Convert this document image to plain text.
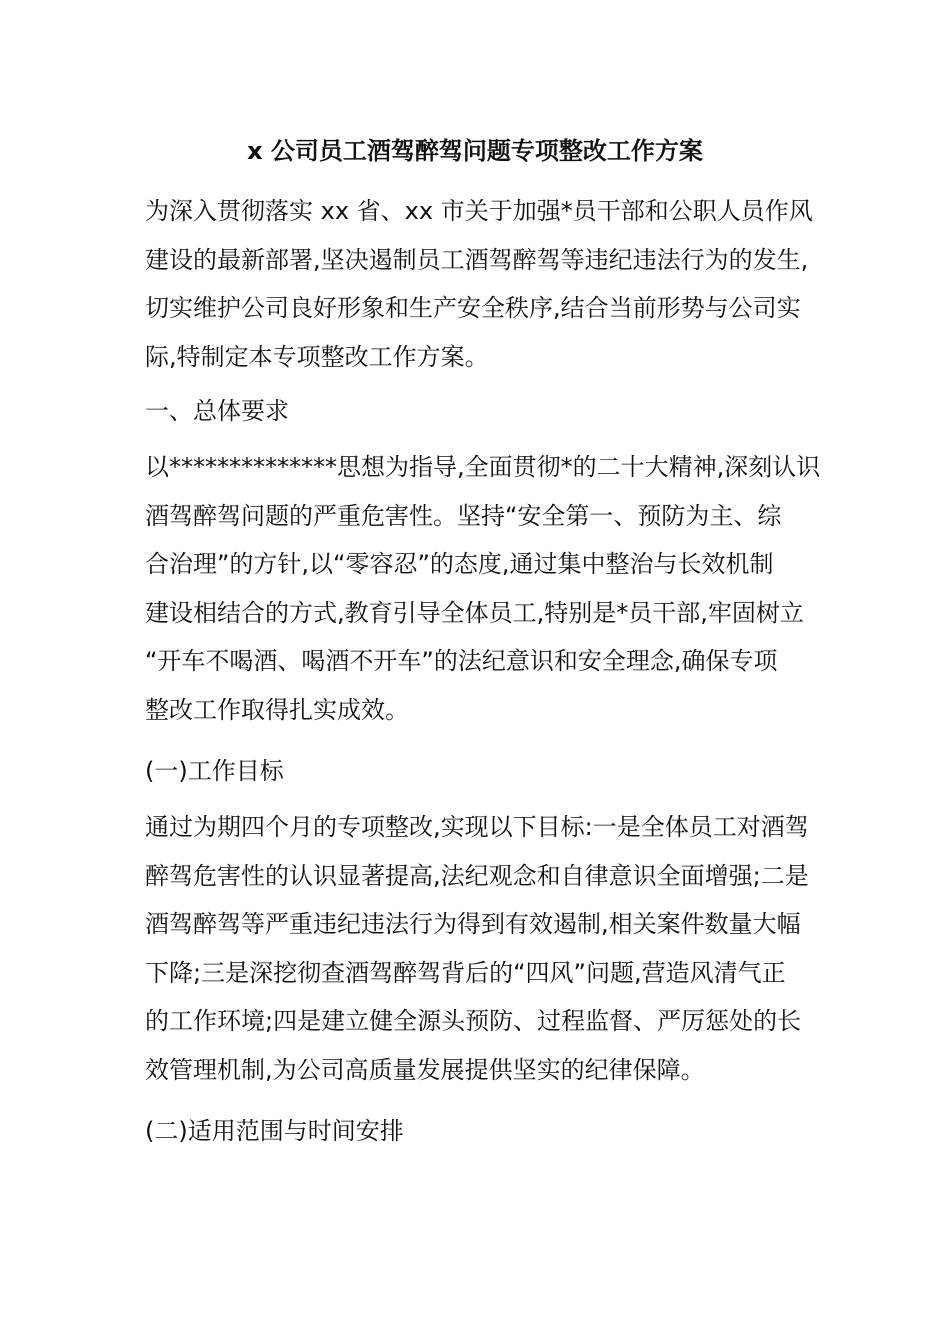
x 公司员工酒驾醉驾问题专项整改工作方案

为深入贯彻落实 xx 省、xx 市关于加强*员干部和公职人员作风
建设的最新部署,坚决遏制员工酒驾醉驾等违纪违法行为的发生,
切实维护公司良好形象和生产安全秩序,结合当前形势与公司实
际,特制定本专项整改工作方案。

一、总体要求

以**************思想为指导,全面贯彻*的二十大精神,深刻认识
酒驾醉驾问题的严重危害性。坚持“安全第一、预防为主、综
合治理”的方针,以“零容忍”的态度,通过集中整治与长效机制
建设相结合的方式,教育引导全体员工,特别是*员干部,牢固树立
“开车不喝酒、喝酒不开车”的法纪意识和安全理念,确保专项
整改工作取得扎实成效。

(一)工作目标

通过为期四个月的专项整改,实现以下目标:一是全体员工对酒驾
醉驾危害性的认识显著提高,法纪观念和自律意识全面增强;二是
酒驾醉驾等严重违纪违法行为得到有效遏制,相关案件数量大幅
下降;三是深挖彻查酒驾醉驾背后的“四风”问题,营造风清气正
的工作环境;四是建立健全源头预防、过程监督、严厉惩处的长
效管理机制,为公司高质量发展提供坚实的纪律保障。

(二)适用范围与时间安排
